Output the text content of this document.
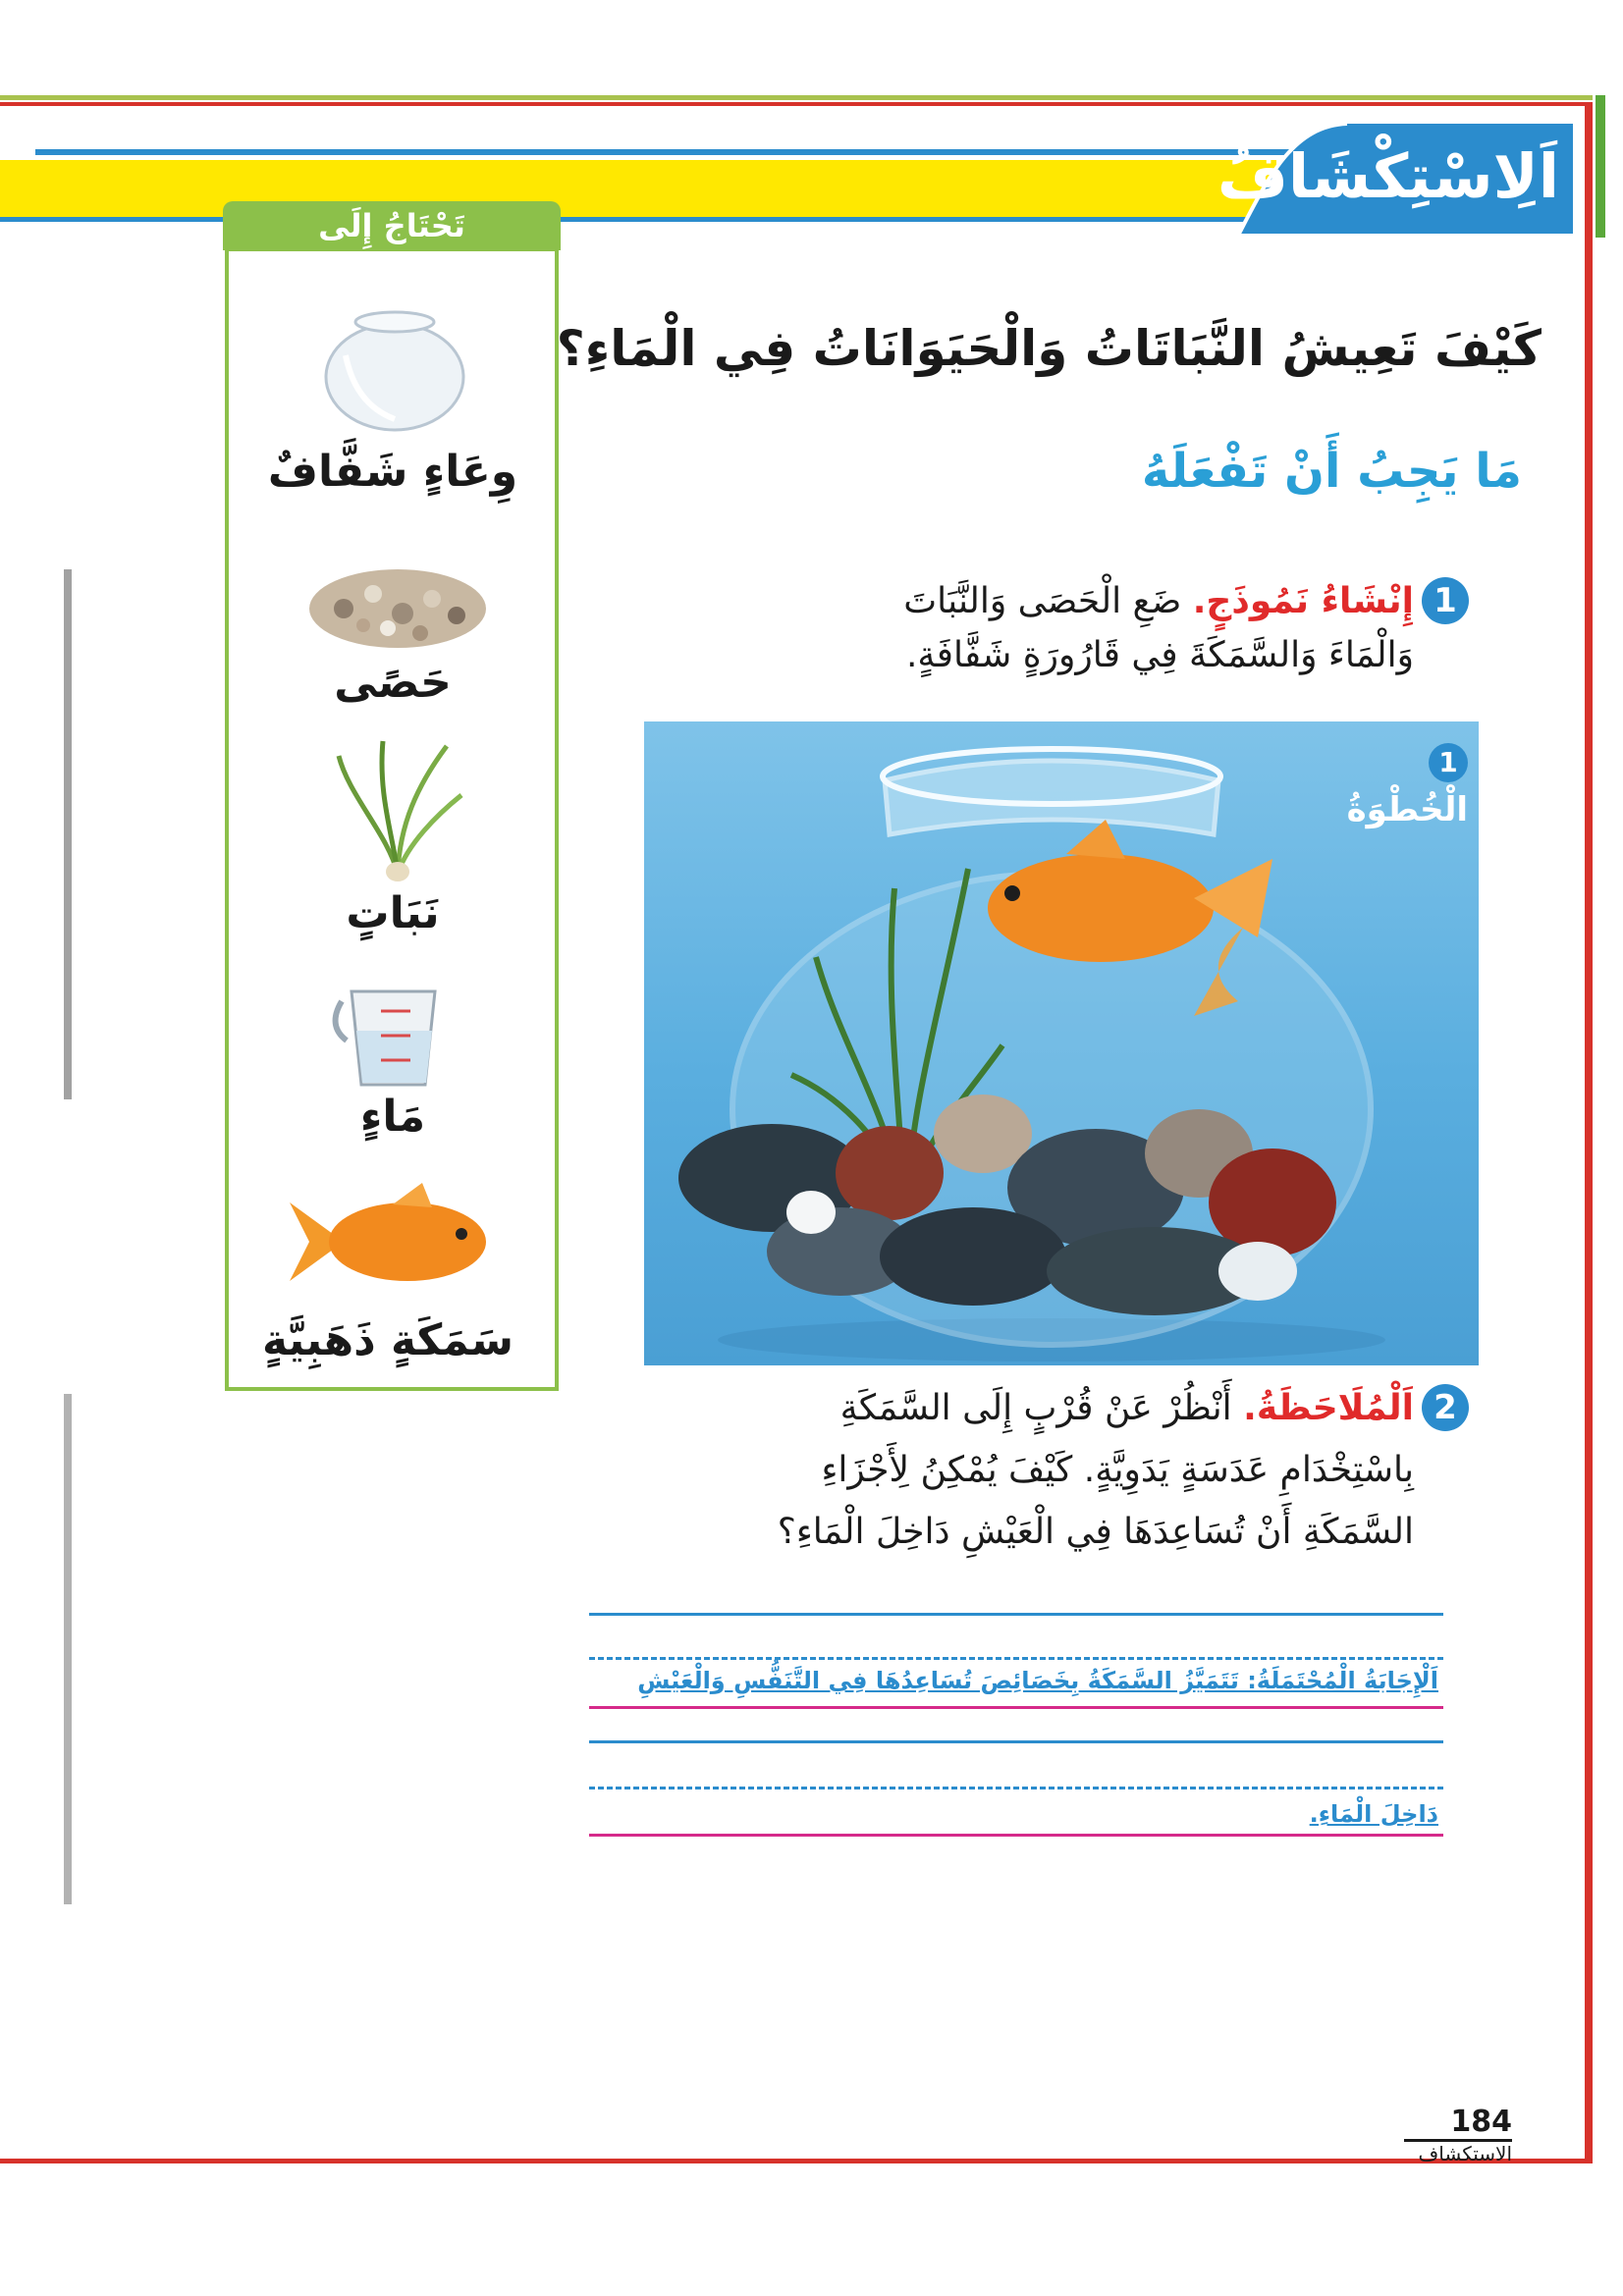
اَلِاسْتِكْشَافُ
تَحْتَاجُ إِلَى
وِعَاءٍ شَفَّافٌ
حَصًى
نَبَاتٍ
مَاءٍ
سَمَكَةٍ ذَهَبِيَّةٍ
كَيْفَ تَعِيشُ النَّبَاتَاتُ وَالْحَيَوَانَاتُ فِي الْمَاءِ؟
مَا يَجِبُ أَنْ تَفْعَلَهُ
1
إِنْشَاءُ نَمُوذَجٍ. ضَعِ الْحَصَى وَالنَّبَاتَ
وَالْمَاءَ وَالسَّمَكَةَ فِي قَارُورَةٍ شَفَّافَةٍ.
1 الْخُطْوَةُ
2
اَلْمُلَاحَظَةُ. أَنْظُرْ عَنْ قُرْبٍ إِلَى السَّمَكَةِ
بِاسْتِخْدَامِ عَدَسَةٍ يَدَوِيَّةٍ. كَيْفَ يُمْكِنُ لِأَجْزَاءِ
السَّمَكَةِ أَنْ تُسَاعِدَهَا فِي الْعَيْشِ دَاخِلَ الْمَاءِ؟
اَلْإِجَابَةُ الْمُحْتَمَلَةُ: تَتَمَيَّزُ السَّمَكَةُ بِخَصَائِصَ تُسَاعِدُهَا فِي التَّنَفُّسِ وَالْعَيْشِ
دَاخِلَ الْمَاءِ.
184
الاستكشاف
